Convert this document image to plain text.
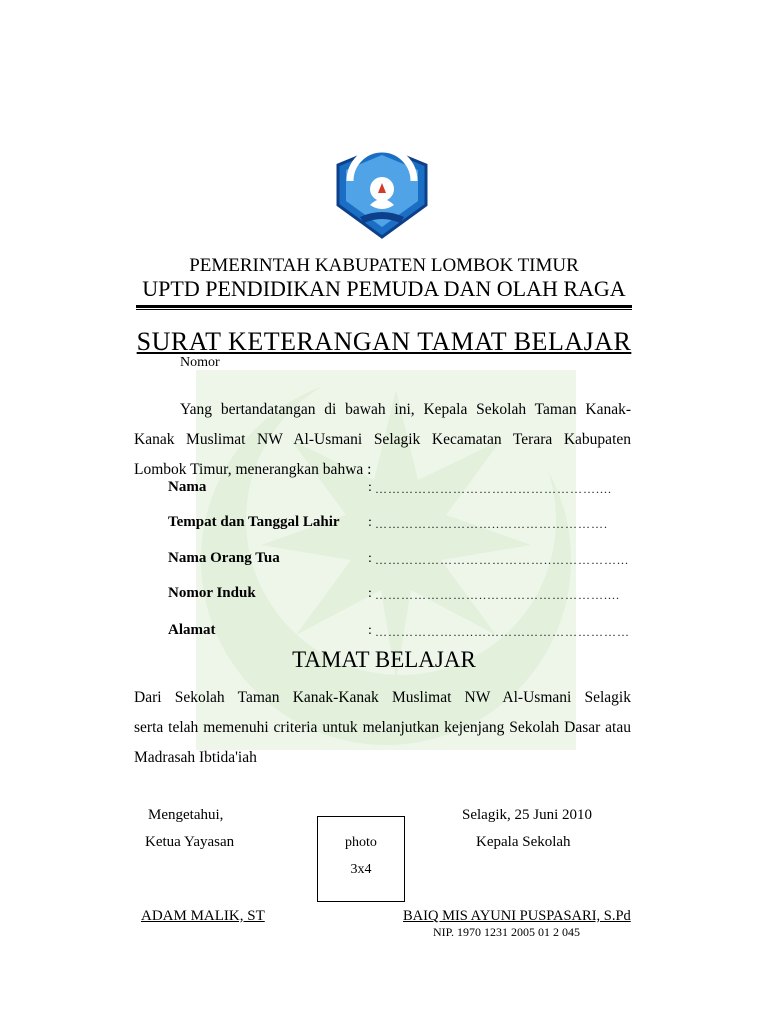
PEMERINTAH KABUPATEN LOMBOK TIMUR
UPTD PENDIDIKAN PEMUDA DAN OLAH RAGA
SURAT KETERANGAN TAMAT BELAJAR
Nomor
Yang bertandatangan di bawah ini, Kepala Sekolah Taman Kanak-
Kanak Muslimat NW Al-Usmani Selagik Kecamatan Terara Kabupaten
Lombok Timur, menerangkan bahwa :
Nama	: ……………………………………………....
Tempat dan Tanggal Lahir : ………………………..…………………….
Nama Orang Tua	: …………………………………..……………...
Nomor Induk	: ……………………..………………………....
Alamat	: …………………..………………………………
TAMAT BELAJAR
Dari Sekolah Taman Kanak-Kanak Muslimat NW Al-Usmani Selagik
serta telah memenuhi criteria untuk melanjutkan kejenjang Sekolah Dasar atau
Madrasah Ibtida'iah
Mengetahui,
Ketua Yayasan
ADAM MALIK, ST
photo
3x4
Selagik, 25 Juni 2010
Kepala Sekolah
BAIQ MIS AYUNI PUSPASARI, S.Pd
NIP. 1970 1231 2005 01 2 045
